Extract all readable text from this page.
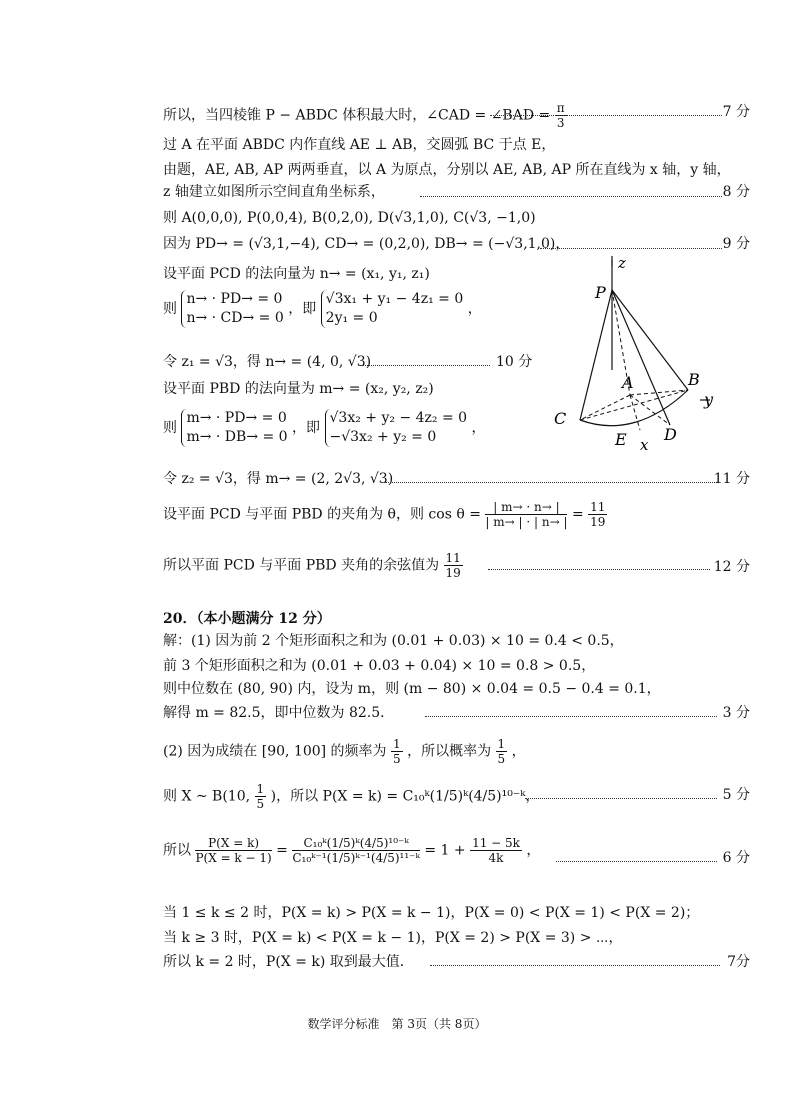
所以，当四棱锥 P − ABDC 体积最大时，∠CAD = ∠BAD = $\frac{\pi}{3}$	7 分
过 A 在平面 ABDC 内作直线 AE ⊥ AB，交圆弧 BC 于点 E，
由题，AE, AB, AP 两两垂直，以 A 为原点，分别以 AE, AB, AP 所在直线为 x 轴，y 轴，
z 轴建立如图所示空间直角坐标系，	8 分
则 A(0,0,0), P(0,0,4), B(0,2,0), D(√3,1,0), C(√3, −1,0)
因为 PD→ = (√3,1,−4), CD→ = (0,2,0), DB→ = (−√3,1,0)，	9 分
设平面 PCD 的法向量为 n→ = (x₁, y₁, z₁)
则
n→ · PD→ = 0
n→ · CD→ = 0
，即
√3x₁ + y₁ − 4z₁ = 0
2y₁ = 0
，
令 z₁ = √3，得 n→ = (4, 0, √3)	10 分
设平面 PBD 的法向量为 m→ = (x₂, y₂, z₂)
则
m→ · PD→ = 0
m→ · DB→ = 0
，即
√3x₂ + y₂ − 4z₂ = 0
−√3x₂ + y₂ = 0
，
令 z₂ = √3，得 m→ = (2, 2√3, √3)	11 分
设平面 PCD 与平面 PBD 的夹角为 θ，则 $\cos \theta = \frac{| m\to \cdot n\to |}{| m\to | \cdot | n\to |} = \frac{11}{19}$
所以平面 PCD 与平面 PBD 夹角的余弦值为 $\frac{11}{19}$	12 分
20．（本小题满分 12 分）
解：(1) 因为前 2 个矩形面积之和为 (0.01 + 0.03) × 10 = 0.4 < 0.5，
前 3 个矩形面积之和为 (0.01 + 0.03 + 0.04) × 10 = 0.8 > 0.5，
则中位数在 (80, 90) 内，设为 m，则 (m − 80) × 0.04 = 0.5 − 0.4 = 0.1，
解得 m = 82.5，即中位数为 82.5．	3 分
(2) 因为成绩在 [90, 100] 的频率为 $\frac{1}{5}$ ，所以概率为 $\frac{1}{5}$ ，
则 X ~ B(10, $\frac{1}{5}$ )，所以 P(X = k) = C₁₀ᵏ(1/5)ᵏ(4/5)¹⁰⁻ᵏ，	5 分
所以 $\frac{P(X = k)}{P(X = k - 1)} = \frac{\text{C₁₀ᵏ(1/5)ᵏ(4/5)¹⁰⁻ᵏ}}{\text{C₁₀ᵏ⁻¹(1/5)ᵏ⁻¹(4/5)¹¹⁻ᵏ}} = 1 + \frac{11 - 5k}{4k}$ ，	6 分
当 1 ≤ k ≤ 2 时，P(X = k) > P(X = k − 1)，P(X = 0) < P(X = 1) < P(X = 2)；
当 k ≥ 3 时，P(X = k) < P(X = k − 1)，P(X = 2) > P(X = 3) > ⋯，
所以 k = 2 时，P(X = k) 取到最大值．	7分
z
P
A	B
y
C
D
E x
数学评分标准　第 3页（共 8页）
